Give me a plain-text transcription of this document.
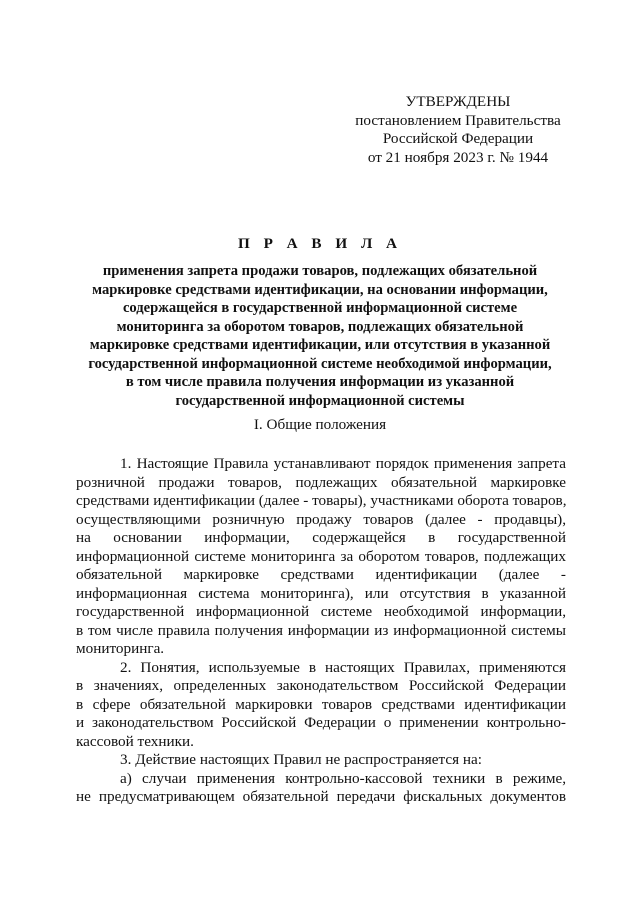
УТВЕРЖДЕНЫ
постановлением Правительства
Российской Федерации
от 21 ноября 2023 г. № 1944
П Р А В И Л А
применения запрета продажи товаров, подлежащих обязательной
маркировке средствами идентификации, на основании информации,
содержащейся в государственной информационной системе
мониторинга за оборотом товаров, подлежащих обязательной
маркировке средствами идентификации, или отсутствия в указанной
государственной информационной системе необходимой информации,
в том числе правила получения информации из указанной
государственной информационной системы
I. Общие положения
1. Настоящие Правила устанавливают порядок применения запрета
розничной продажи товаров, подлежащих обязательной маркировке
средствами идентификации (далее - товары), участниками оборота товаров,
осуществляющими розничную продажу товаров (далее - продавцы),
на основании информации, содержащейся в государственной
информационной системе мониторинга за оборотом товаров, подлежащих
обязательной маркировке средствами идентификации (далее -
информационная система мониторинга), или отсутствия в указанной
государственной информационной системе необходимой информации,
в том числе правила получения информации из информационной системы
мониторинга.
2. Понятия, используемые в настоящих Правилах, применяются
в значениях, определенных законодательством Российской Федерации
в сфере обязательной маркировки товаров средствами идентификации
и законодательством Российской Федерации о применении контрольно-
кассовой техники.
3. Действие настоящих Правил не распространяется на:
а) случаи применения контрольно-кассовой техники в режиме,
не предусматривающем обязательной передачи фискальных документов
